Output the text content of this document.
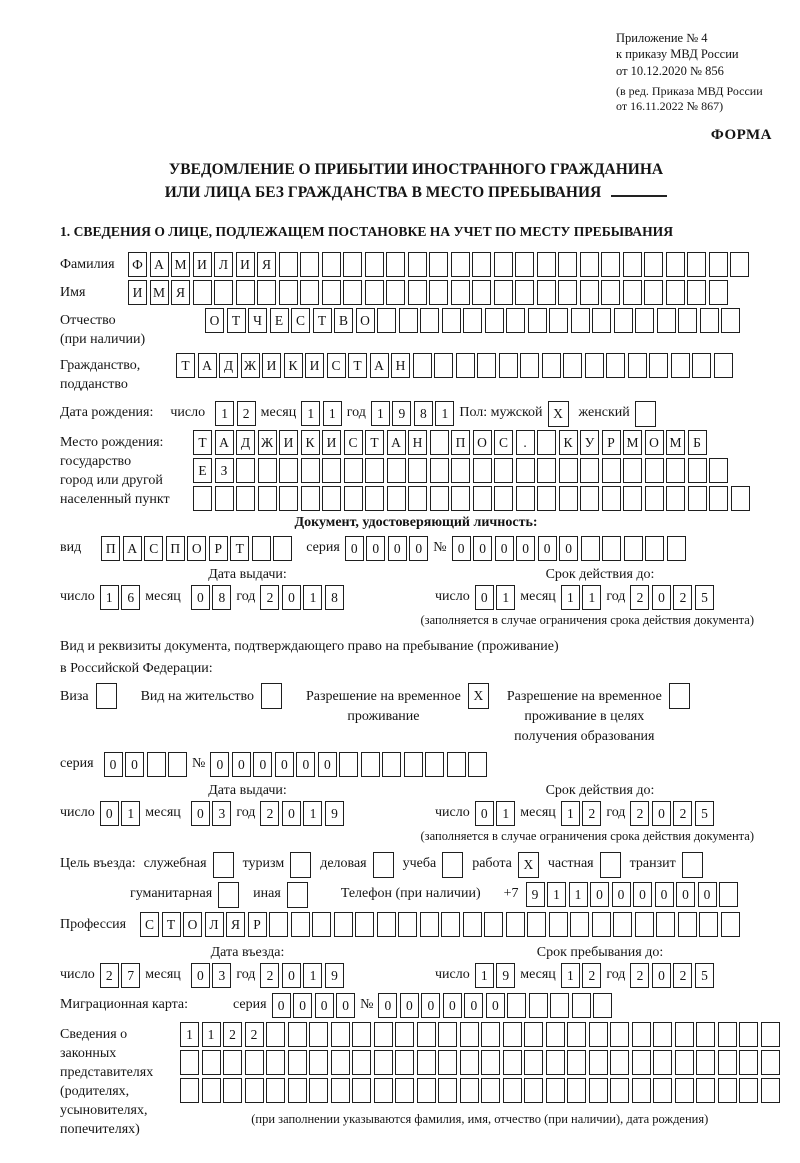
Приложение № 4
к приказу МВД России
от 10.12.2020 № 856
(в ред. Приказа МВД России
от 16.11.2022 № 867)
ФОРМА
УВЕДОМЛЕНИЕ О ПРИБЫТИИ ИНОСТРАННОГО ГРАЖДАНИНА
ИЛИ ЛИЦА БЕЗ ГРАЖДАНСТВА В МЕСТО ПРЕБЫВАНИЯ
1. СВЕДЕНИЯ О ЛИЦЕ, ПОДЛЕЖАЩЕМ ПОСТАНОВКЕ НА УЧЕТ ПО МЕСТУ ПРЕБЫВАНИЯ
Фамилия	Ф А М И Л И Я
Имя	И М Я
Отчество
(при наличии)
О Т Ч Е С Т В О
Гражданство,
подданство
Т А Д Ж И К И С Т А Н
Дата рождения: число	1	2 месяц 1	1 год 1	9	8	1 Пол: мужской X	женский
Место рождения:
государство
город или другой
населенный пункт
Т А Д Ж И К И С Т А Н	П О С	.	К У Р М О М Б
Е	З
Документ, удостоверяющий личность:
вид	П А С П О Р	Т	серия 0	0	0	0 № 0	0	0	0	0	0
Дата выдачи:
число 1	6 месяц	0	8 год 2	0	1	8
Срок действия до:
число 0	1 месяц 1	1 год 2	0	2	5
(заполняется в случае ограничения срока действия документа)
Вид и реквизиты документа, подтверждающего право на пребывание (проживание)
в Российской Федерации:
Виза	Вид на жительство	Разрешение на временное
проживание
X	Разрешение на временное
проживание в целях
получения образования
серия	0	0	№ 0	0	0	0	0	0
Дата выдачи:
число 0	1 месяц	0	3 год 2	0	1	9
Срок действия до:
число 0	1 месяц 1	2 год 2	0	2	5
(заполняется в случае ограничения срока действия документа)
Цель въезда: служебная	туризм	деловая	учеба	работа X	частная	транзит
гуманитарная	иная	Телефон (при наличии) +7 9	1	1	0	0	0	0	0	0
Профессия	С Т О Л Я Р
Дата въезда:
число 2	7 месяц	0	3 год 2	0	1	9
Срок пребывания до:
число 1	9 месяц 1	2 год 2	0	2	5
Миграционная карта:	серия 0	0	0	0 № 0	0	0	0	0	0
Сведения о
законных
представителях
(родителях,
усыновителях,
попечителях)
1	1	2	2
(при заполнении указываются фамилия, имя, отчество (при наличии), дата рождения)
